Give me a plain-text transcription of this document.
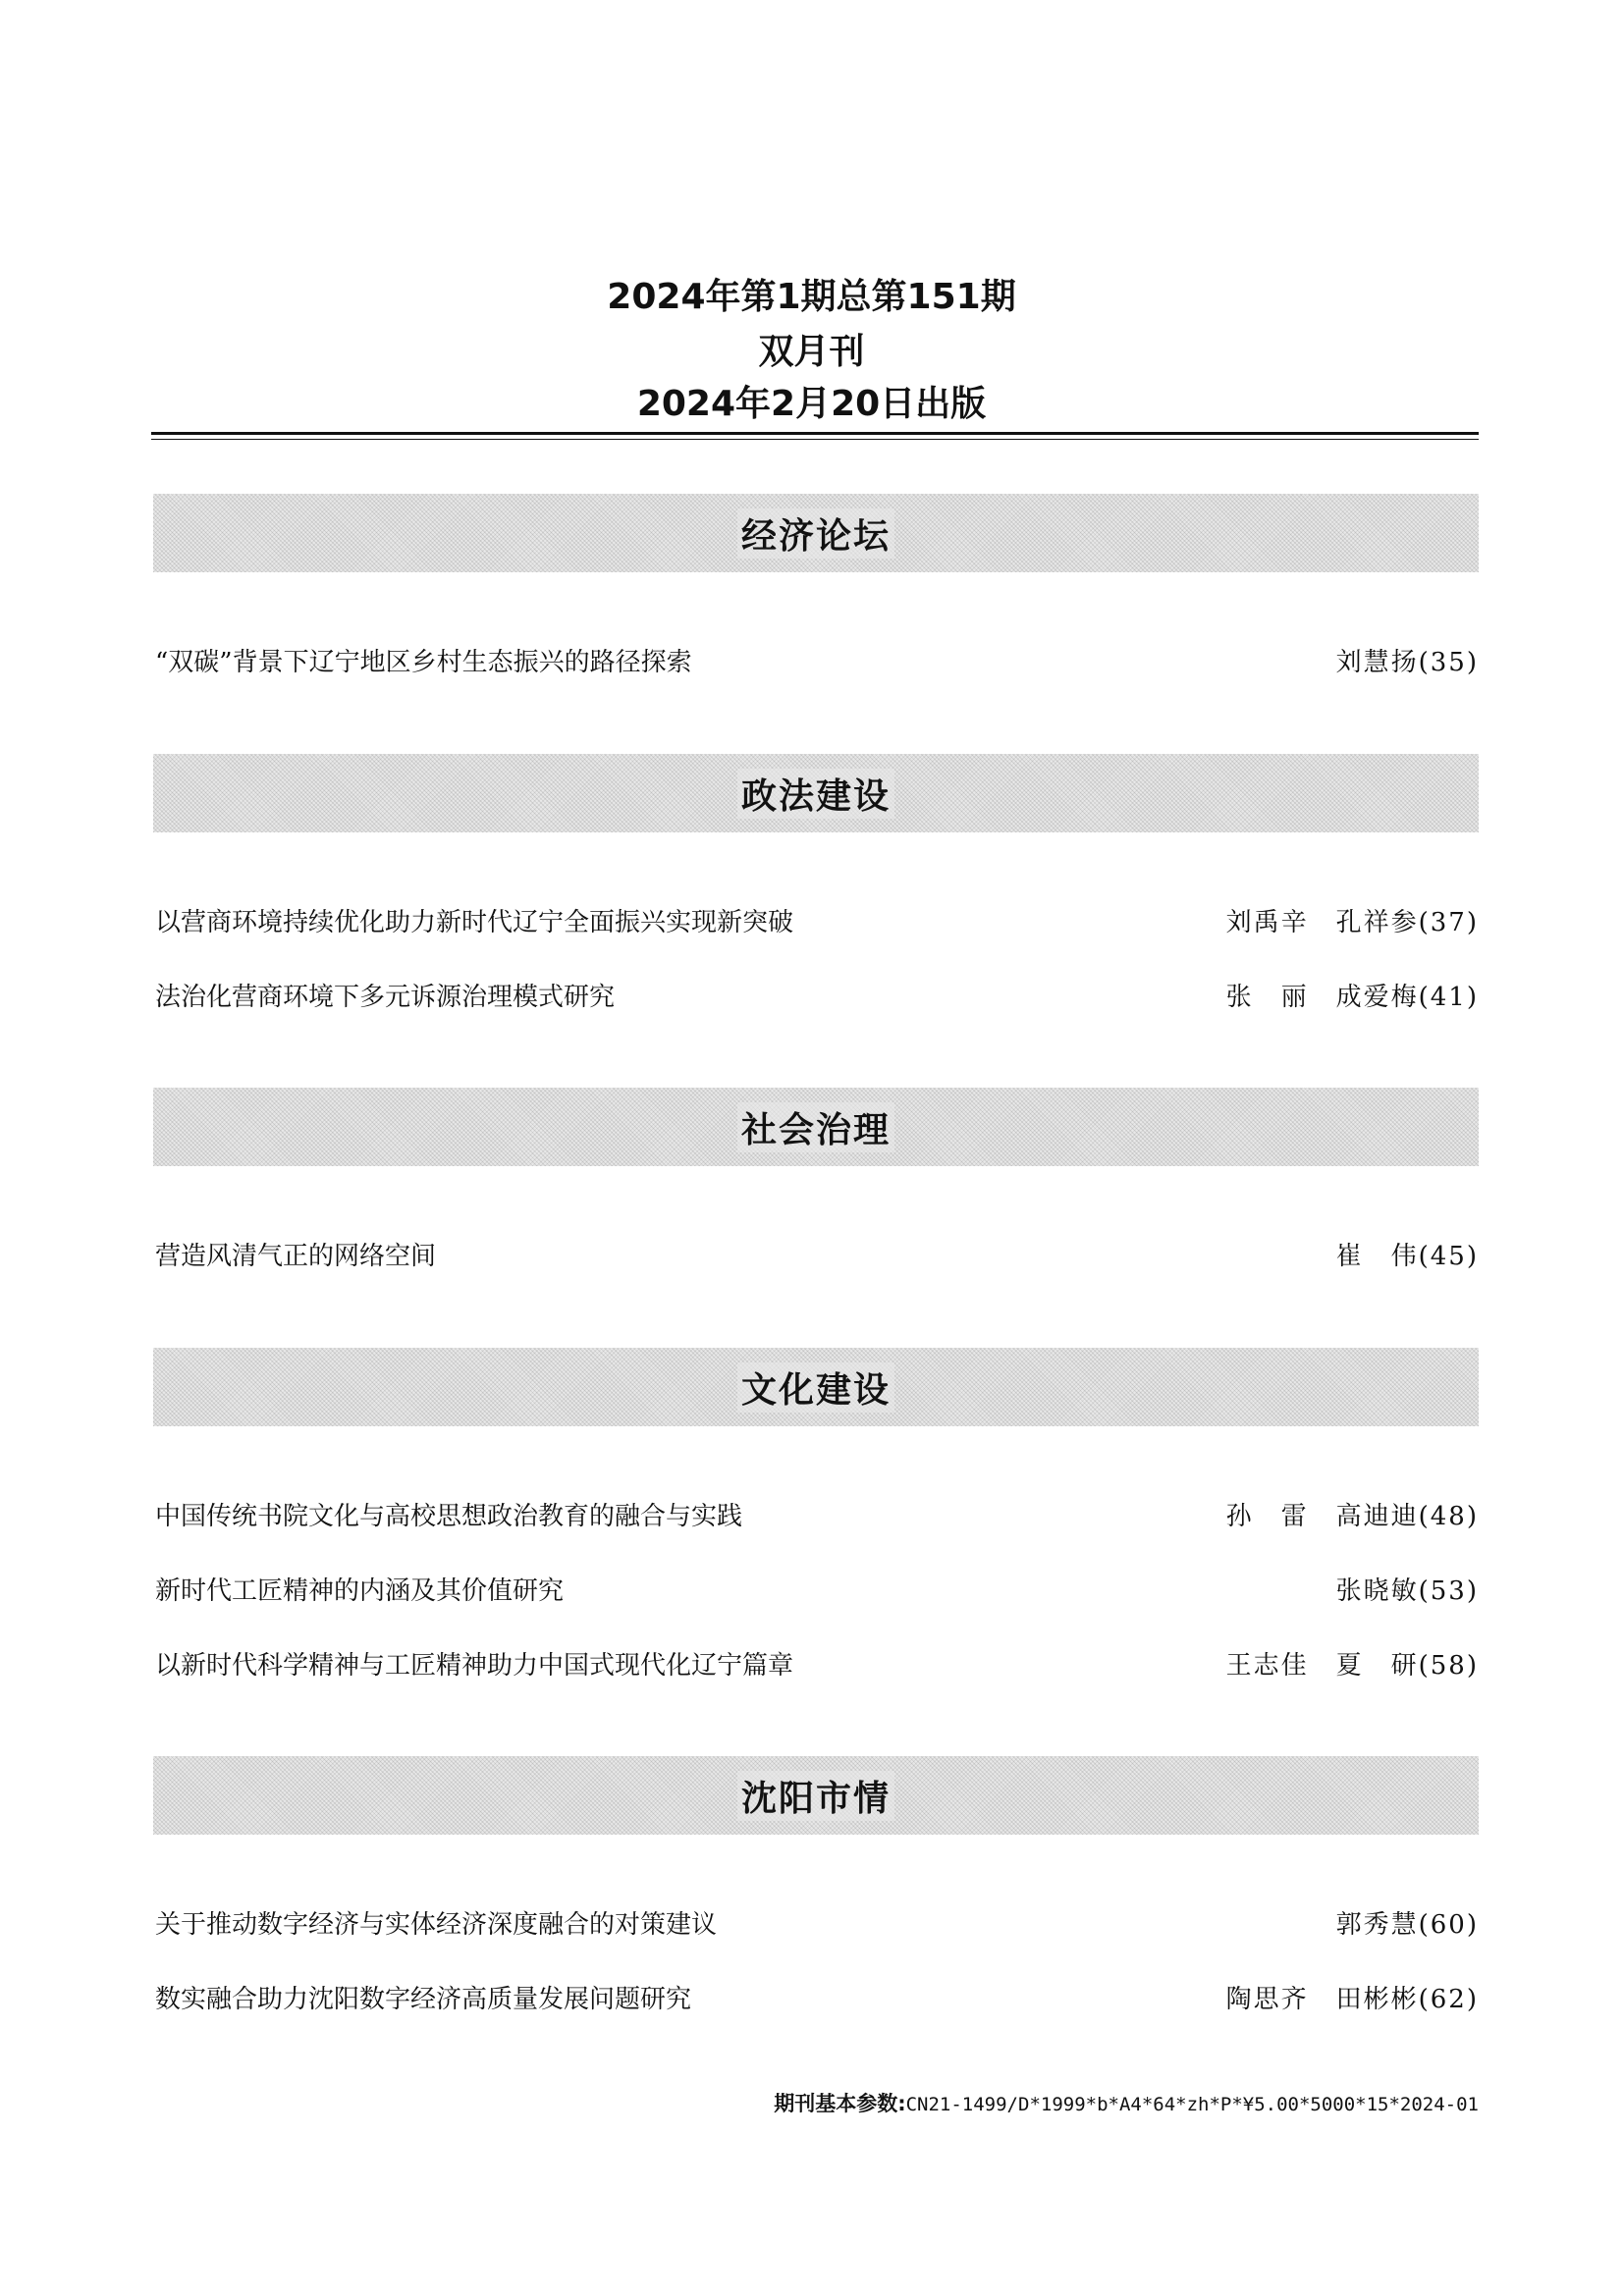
2024年第1期总第151期
双月刊
2024年2月20日出版
经济论坛
“双碳”背景下辽宁地区乡村生态振兴的路径探索	刘慧扬(35)
政法建设
以营商环境持续优化助力新时代辽宁全面振兴实现新突破	刘禹辛　孔祥参(37)
法治化营商环境下多元诉源治理模式研究	张　丽　成爱梅(41)
社会治理
营造风清气正的网络空间	崔　伟(45)
文化建设
中国传统书院文化与高校思想政治教育的融合与实践	孙　雷　高迪迪(48)
新时代工匠精神的内涵及其价值研究	张晓敏(53)
以新时代科学精神与工匠精神助力中国式现代化辽宁篇章	王志佳　夏　研(58)
沈阳市情
关于推动数字经济与实体经济深度融合的对策建议	郭秀慧(60)
数实融合助力沈阳数字经济高质量发展问题研究	陶思齐　田彬彬(62)
期刊基本参数:CN21-1499/D*1999*b*A4*64*zh*P*¥5.00*5000*15*2024-01
